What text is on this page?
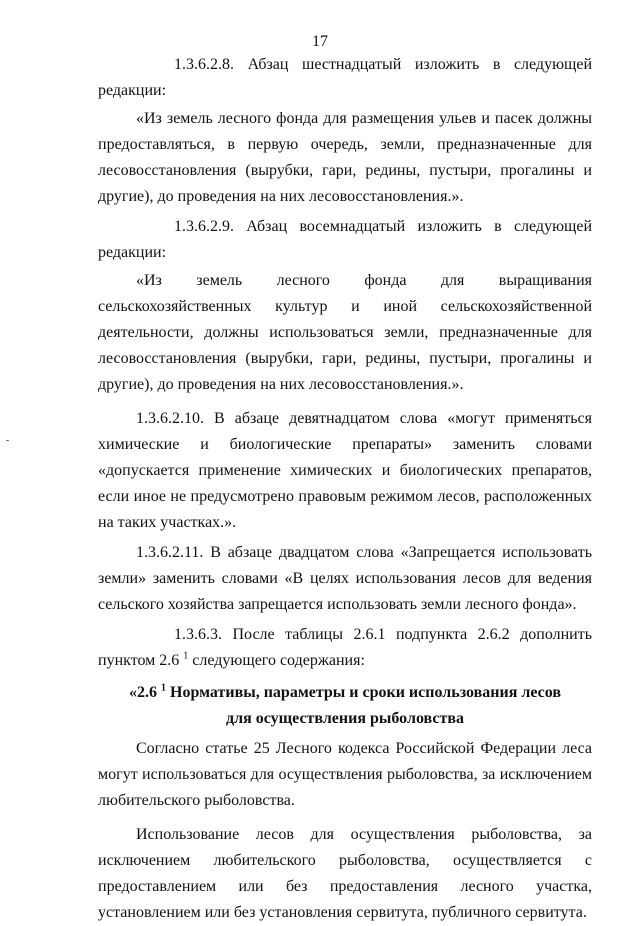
17

1.3.6.2.8. Абзац шестнадцатый изложить в следующей редакции:

«Из земель лесного фонда для размещения ульев и пасек должны предоставляться, в первую очередь, земли, предназначенные для лесовосстановления (вырубки, гари, редины, пустыри, прогалины и другие), до проведения на них лесовосстановления.».

1.3.6.2.9. Абзац восемнадцатый изложить в следующей редакции:

«Из земель лесного фонда для выращивания сельскохозяйственных культур и иной сельскохозяйственной деятельности, должны использоваться земли, предназначенные для лесовосстановления (вырубки, гари, редины, пустыри, прогалины и другие), до проведения на них лесовосстановления.».

1.3.6.2.10. В абзаце девятнадцатом слова «могут применяться химические и биологические препараты» заменить словами «допускается применение химических и биологических препаратов, если иное не предусмотрено правовым режимом лесов, расположенных на таких участках.».

1.3.6.2.11. В абзаце двадцатом слова «Запрещается использовать земли» заменить словами «В целях использования лесов для ведения сельского хозяйства запрещается использовать земли лесного фонда».

1.3.6.3. После таблицы 2.6.1 подпункта 2.6.2 дополнить пунктом 2.6 $^1$ следующего содержания:

«2.6 $^1$ Нормативы, параметры и сроки использования лесов

для осуществления рыболовства

Согласно статье 25 Лесного кодекса Российской Федерации леса могут использоваться для осуществления рыболовства, за исключением любительского рыболовства.

Использование лесов для осуществления рыболовства, за исключением любительского рыболовства, осуществляется с предоставлением или без предоставления лесного участка, установлением или без установления сервитута, публичного сервитута.
